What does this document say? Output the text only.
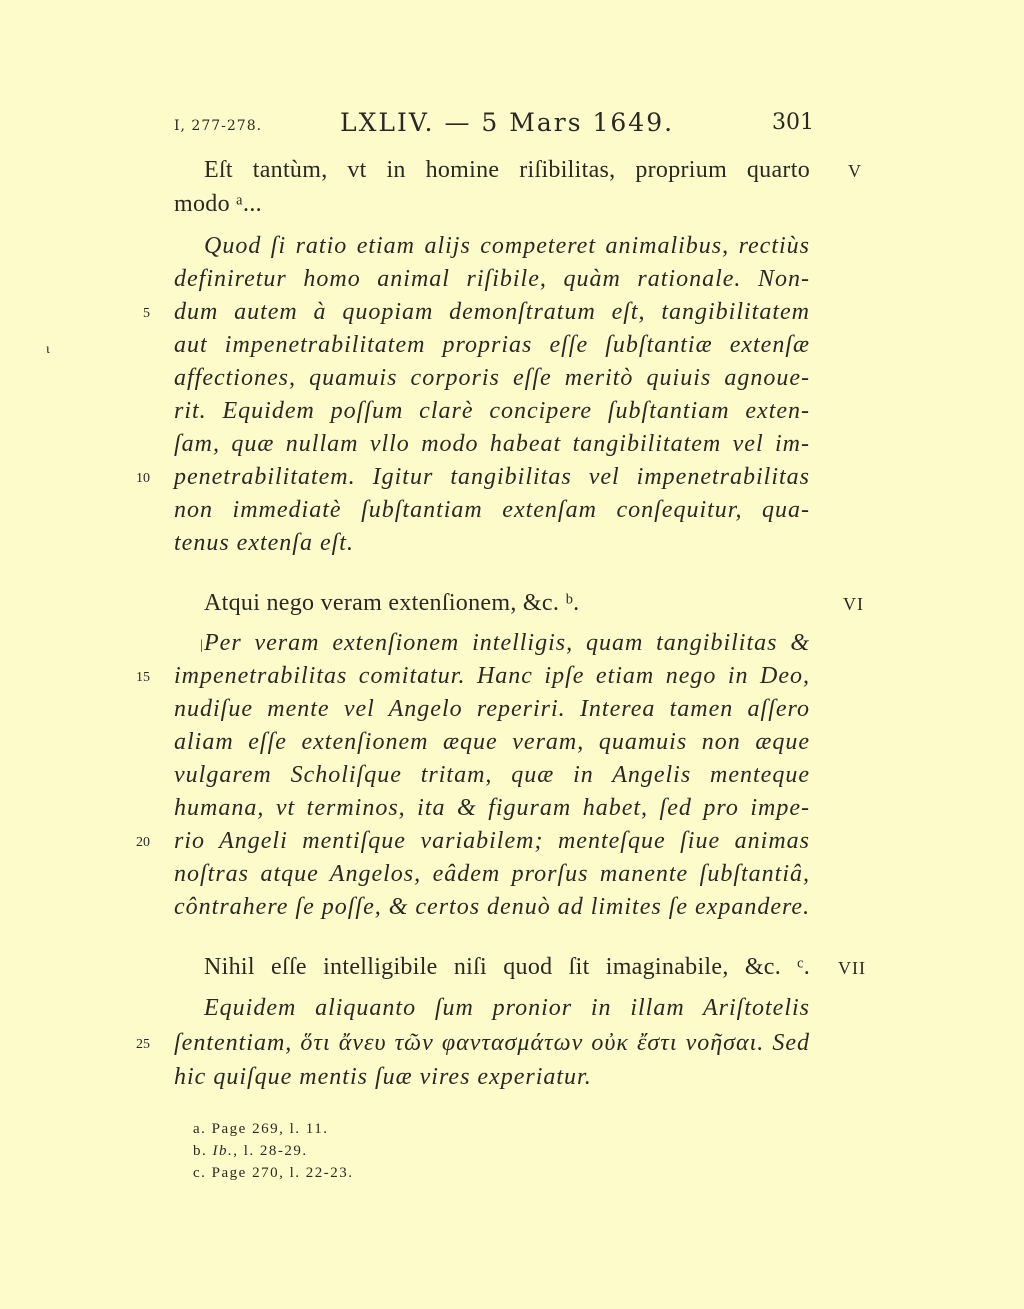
I, 277-278.	LXLIV. — 5 Mars 1649.	301
Eſt tantùm, vt in homine riſibilitas, proprium quarto
modo ᵃ...
Quod ſi ratio etiam alijs competeret animalibus, rectiùs
definiretur homo animal riſibile, quàm rationale. Non-
dum autem à quopiam demonſtratum eſt, tangibilitatem
aut impenetrabilitatem proprias eſſe ſubſtantiæ extenſæ
affectiones, quamuis corporis eſſe meritò quiuis agnoue-
rit. Equidem poſſum clarè concipere ſubſtantiam exten-
ſam, quæ nullam vllo modo habeat tangibilitatem vel im-
penetrabilitatem. Igitur tangibilitas vel impenetrabilitas
non immediatè ſubſtantiam extenſam conſequitur, qua-
tenus extenſa eſt.
Atqui nego veram extenſionem, &c. ᵇ.
Per veram extenſionem intelligis, quam tangibilitas &
impenetrabilitas comitatur. Hanc ipſe etiam nego in Deo,
nudiſue mente vel Angelo reperiri. Interea tamen aſſero
aliam eſſe extenſionem æque veram, quamuis non æque
vulgarem Scholiſque tritam, quæ in Angelis menteque
humana, vt terminos, ita & figuram habet, ſed pro impe-
rio Angeli mentiſque variabilem; menteſque ſiue animas
noſtras atque Angelos, eâdem prorſus manente ſubſtantiâ,
côntrahere ſe poſſe, & certos denuò ad limites ſe expandere.
Nihil eſſe intelligibile niſi quod ſit imaginabile, &c. ᶜ.
Equidem aliquanto ſum pronior in illam Ariſtotelis
ſententiam, ὅτι ἄνευ τῶν φαντασμάτων οὐκ ἔστι νοῆσαι. Sed
hic quiſque mentis ſuæ vires experiatur.
5
10
15
20
25
V
VI
VII
ι
|
a. Page 269, l. 11.
b. Ib., l. 28-29.
c. Page 270, l. 22-23.
